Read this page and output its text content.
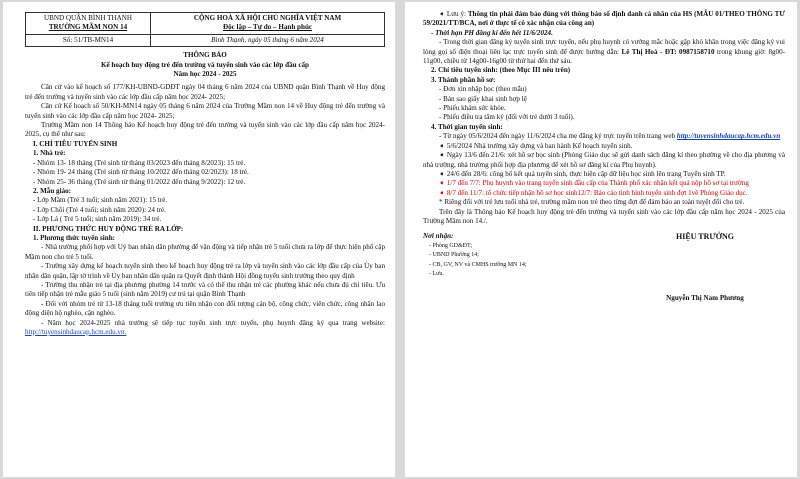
UBND QUẬN BÌNH THẠNH
TRƯỜNG MẦM NON 14
CỘNG HOÀ XÃ HỘI CHỦ NGHĨA VIỆT NAM
Độc lập – Tự do – Hạnh phúc
Số: 51/TB-MN14	Bình Thạnh, ngày 05 tháng 6 năm 2024
THÔNG BÁO
Kế hoạch huy động trẻ đến trường và tuyển sinh vào các lớp đầu cấp
Năm học 2024 - 2025

Căn cứ vào kế hoạch số 177/KH-UBND-GDĐT ngày 04 tháng 6 năm 2024 của UBND quận Bình Thạnh về Huy động trẻ đến trường và tuyển sinh vào các lớp đầu cấp năm học 2024- 2025;

Căn cứ Kế hoạch số 50/KH-MN14 ngày 05 tháng 6 năm 2024 của Trường Mầm non 14 về Huy động trẻ đến trường và tuyển sinh vào các lớp đầu cấp năm học 2024- 2025;

Trường Mầm non 14 Thông báo Kế hoạch huy động trẻ đến trường và tuyển sinh vào các lớp đầu cấp năm học 2024- 2025, cụ thể như sau:

I. CHỈ TIÊU TUYỂN SINH

1. Nhà trẻ:

- Nhóm 13- 18 tháng (Trẻ sinh từ tháng 03/2023 đến tháng 8/2023): 15 trẻ.

- Nhóm 19- 24 tháng (Trẻ sinh từ tháng 10/2022 đến tháng 02/2023): 18 trẻ.

- Nhóm 25- 36 tháng (Trẻ sinh từ tháng 01/2022 đến tháng 9/2022): 12 trẻ.

2. Mẫu giáo:

- Lớp Mầm (Trẻ 3 tuổi; sinh năm 2021): 15 trẻ.

- Lớp Chồi (Trẻ 4 tuổi; sinh năm 2020): 24 trẻ.

- Lớp Lá ( Trẻ 5 tuổi; sinh năm 2019): 34 trẻ.

II. PHƯƠNG THỨC HUY ĐỘNG TRẺ RA LỚP:

1. Phương thức tuyển sinh:

- Nhà trường phối hợp với Uỷ ban nhân dân phường để vận động và tiếp nhận trẻ 5 tuổi chưa ra lớp để thực hiện phổ cập Mầm non cho trẻ 5 tuổi.

- Trường xây dựng kế hoạch tuyển sinh theo kế hoạch huy động trẻ ra lớp và tuyển sinh vào các lớp đầu cấp của Ủy ban nhân dân quận, lập tờ trình về Ủy ban nhân dân quận ra Quyết định thành Hội đồng tuyển sinh trường theo quy định

- Trường thu nhận trẻ tại địa phương phường 14 trước và có thể thu nhận trẻ các phường khác nếu chưa đủ chỉ tiêu. Ưu tiên tiếp nhận trẻ mẫu giáo 5 tuổi (sinh năm 2019) cư trú tại quận Bình Thạnh

- Đối với nhóm trẻ từ 13-18 tháng tuổi trường ưu tiên nhận con đối tượng cán bộ, công chức, viên chức, công nhân lao động diện hộ nghèo, cận nghèo.

- Năm học 2024-2025 nhà trường sẽ tiếp tục tuyển sinh trực tuyến, phụ huynh đăng ký qua trang website: http://tuyensinhdaucap.hcm.edu.vn.

➧ Lưu ý: Thông tin phải đảm bảo đúng với thông báo số định danh cá nhân của HS (MẪU 01/THEO THÔNG TƯ 59/2021/TT/BCA, nơi ở thực tế có xác nhận của công an)

- Thời hạn PH đăng kí đến hết 11/6/2024.

- Trong thời gian đăng ký tuyển sinh trực tuyến, nếu phụ huynh có vướng mắc hoặc gặp khó khăn trong việc đăng ký vui lòng gọi số điện thoại liên lạc trực tuyến sinh để được hướng dẫn: Lê Thị Hoà - ĐT: 0987158710 trong khung giờ: 8g00-11g00, chiều từ 14g00-16g00 từ thứ hai đến thứ sáu.

2. Chỉ tiêu tuyển sinh: (theo Mục III nêu trên)

3. Thành phần hồ sơ:

- Đơn xin nhập học (theo mẫu)

- Bản sao giấy khai sinh hợp lệ

- Phiếu khám sức khỏe.

- Phiếu điều tra tâm ký (đối với trẻ dưới 3 tuổi).

4. Thời gian tuyển sinh:

- Từ ngày 05/6/2024 đến ngày 11/6/2024 cha mẹ đăng ký trực tuyến trên trang web http://tuyensinhdaucap.hcm.edu.vn

➧ 5/6/2024 Nhà trường xây dựng và ban hành Kế hoạch tuyển sinh.

➧ Ngày 13/6 đến 21/6: xét hồ sơ học sinh (Phòng Giáo dục sẽ gửi danh sách đăng kí theo phường về cho địa phương và nhà trường, nhà trường phối hợp địa phương để xét hồ sơ đăng kí của Phụ huynh).

➧ 24/6 đến 28/6: công bố kết quả tuyển sinh, thực hiện cập dữ liệu học sinh lên trang Tuyển sinh TP.

➧ 1/7 đến 7/7: Phụ huynh vào trang tuyển sinh đầu cấp của Thành phố xác nhận kết quả nộp hồ sơ tại trường

➧ 8/7 đến 11/7: tổ chức tiếp nhận hồ sơ học sinh12/7: Báo cáo tình hình tuyển sinh đợt 1về Phòng Giáo dục.

* Riêng đối với trẻ lưu tuổi nhà trẻ, trường mầm non trẻ theo từng đợt để đảm bảo an toàn tuyệt đối cho trẻ.

Trên đây là Thông báo Kế hoạch huy động trẻ đến trường và tuyển sinh vào các lớp đầu cấp năm học 2024 - 2025 của Trường Mầm non 14./.

Nơi nhận:
- Phòng GD&ĐT;
- UBND Phường 14;
- CB, GV, NV và CMHS trường MN 14;
- Lưu.
HIỆU TRƯỞNG
Nguyễn Thị Nam Phương
